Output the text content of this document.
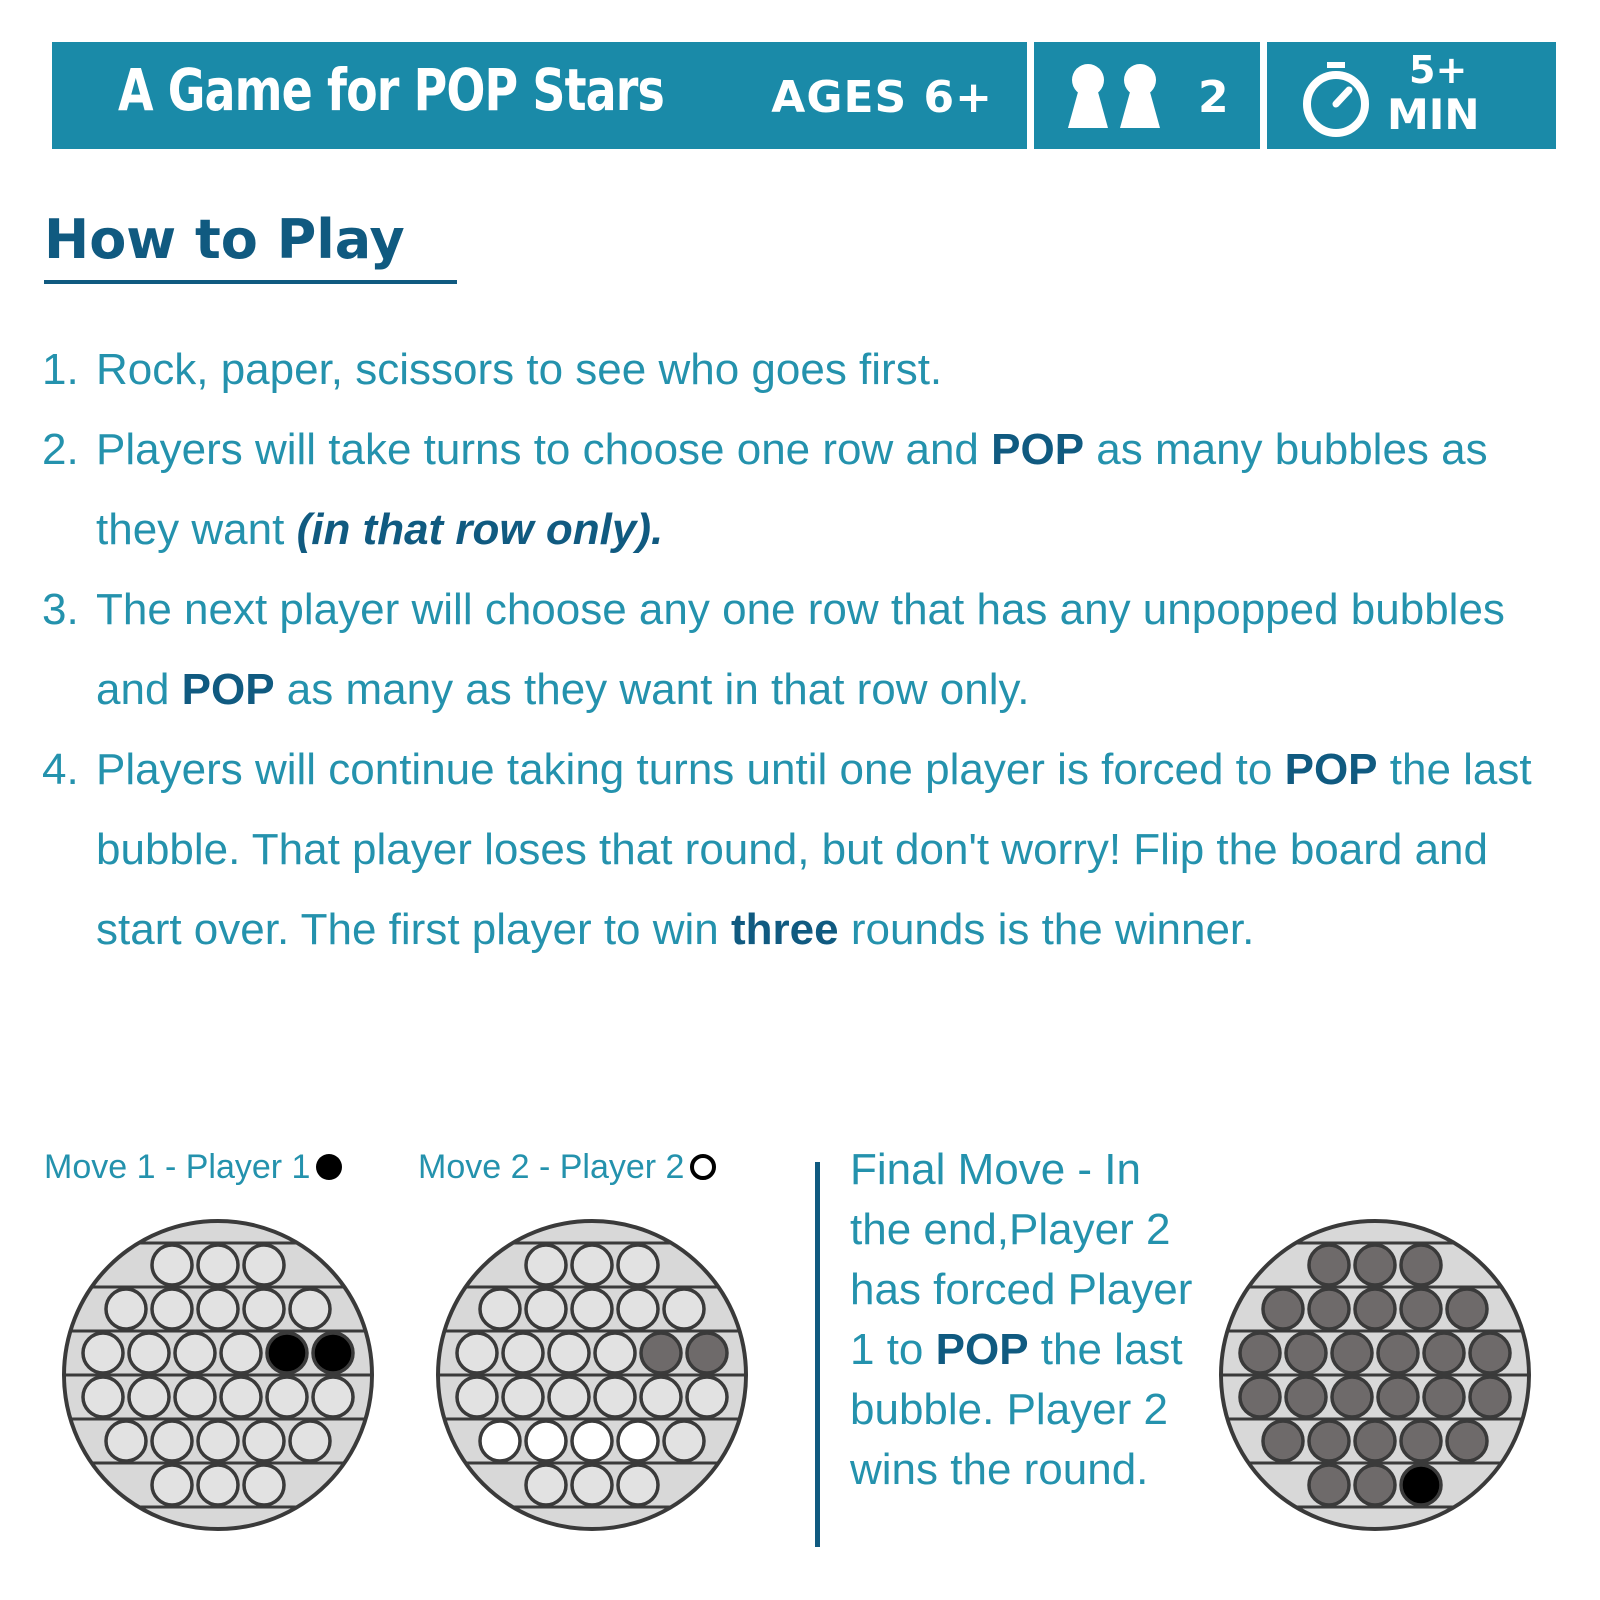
A Game for POP Stars AGES 6+	2
5+
MIN
How to Play
1. Rock, paper, scissors to see who goes first.
2. Players will take turns to choose one row and POP as many bubbles as they want (in that row only).
3. The next player will choose any one row that has any unpopped bubbles and POP as many as they want in that row only.
4. Players will continue taking turns until one player is forced to POP the last bubble. That player loses that round, but don't worry! Flip the board and start over. The first player to win three rounds is the winner.
Move 1 - Player 1	Move 2 - Player 2	Final Move - In the end,Player 2 has forced Player 1 to POP the last bubble. Player 2 wins the round.
